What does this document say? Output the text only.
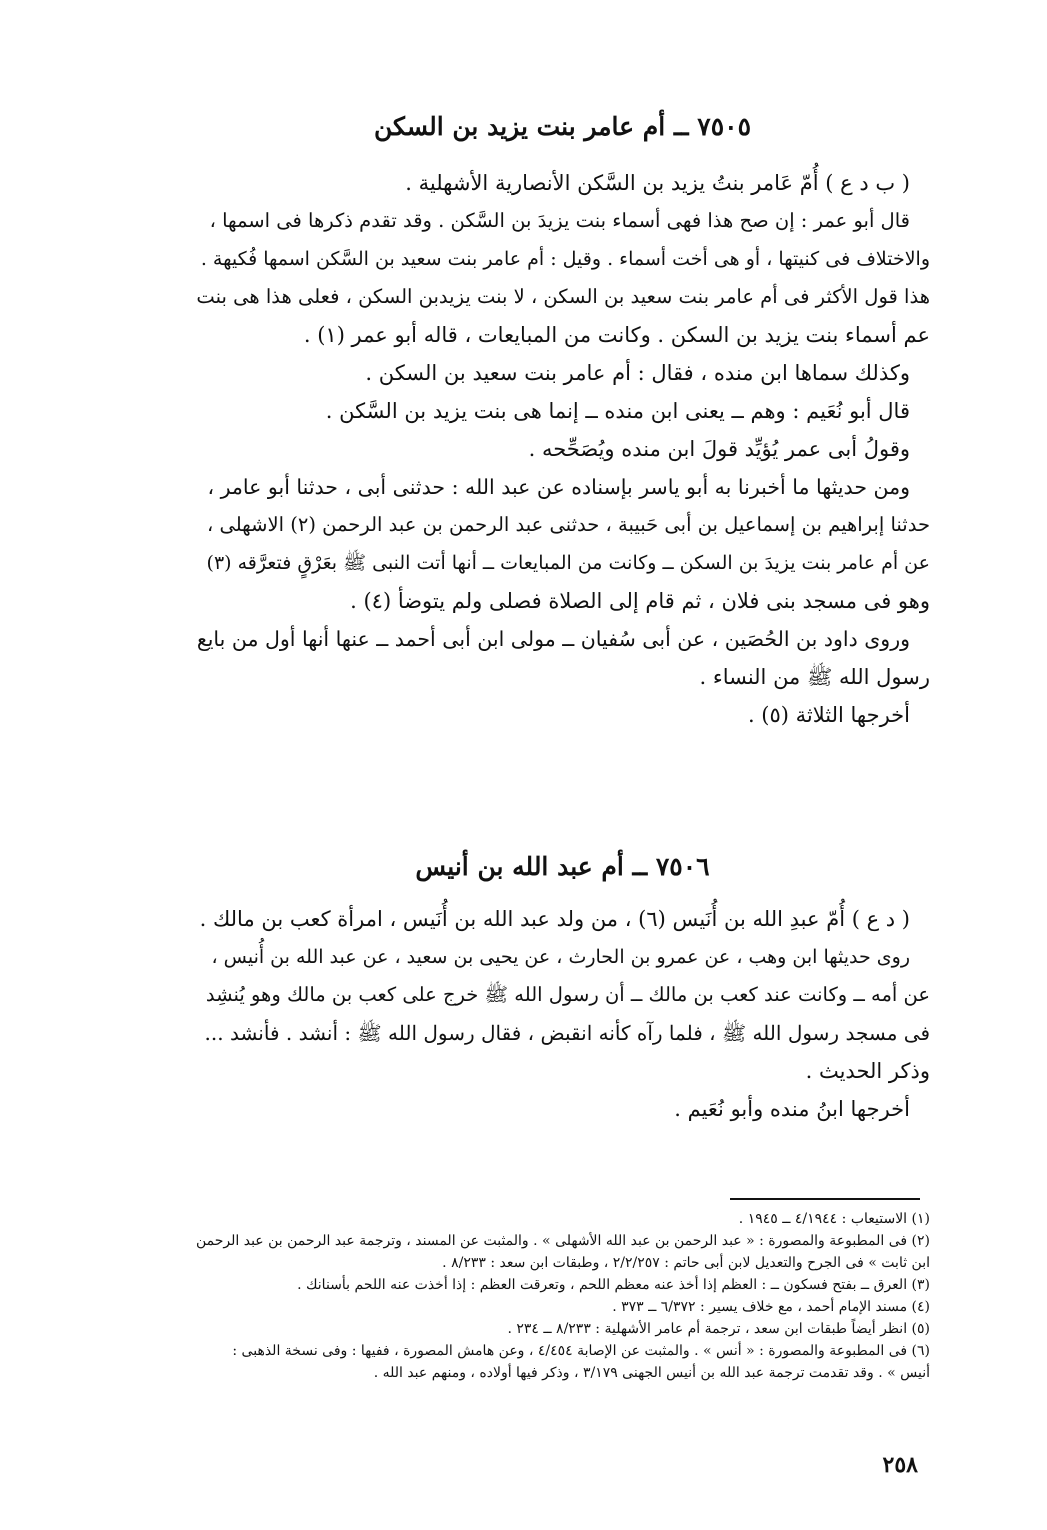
٧٥٠٥ ــ أم عامر بنت يزيد بن السكن
( ب د ع ) أُمّ عَامر بنتُ يزيد بن السَّكن الأنصارية الأشهلية .
قال أبو عمر : إن صح هذا فهى أسماء بنت يزيدَ بن السَّكن . وقد تقدم ذكرها فى اسمها ،
والاختلاف فى كنيتها ، أو هى أخت أسماء . وقيل : أم عامر بنت سعيد بن السَّكن اسمها فُكيهة .
هذا قول الأكثر فى أم عامر بنت سعيد بن السكن ، لا بنت يزيدبن السكن ، فعلى هذا هى بنت
عم أسماء بنت يزيد بن السكن . وكانت من المبايعات ، قاله أبو عمر (١) .
وكذلك سماها ابن منده ، فقال : أم عامر بنت سعيد بن السكن .
قال أبو نُعَيم : وهم ــ يعنى ابن منده ــ إنما هى بنت يزيد بن السَّكن .
وقولُ أبى عمر يُؤيِّد قولَ ابن منده ويُصَحِّحه .
ومن حديثها ما أخبرنا به أبو ياسر بإسناده عن عبد الله : حدثنى أبى ، حدثنا أبو عامر ،
حدثنا إبراهيم بن إسماعيل بن أبى حَبيبة ، حدثنى عبد الرحمن بن عبد الرحمن (٢) الاشهلى ،
عن أم عامر بنت يزيدَ بن السكن ــ وكانت من المبايعات ــ أنها أتت النبى ﷺ بعَرْقٍ فتعرَّقه (٣)
وهو فى مسجد بنى فلان ، ثم قام إلى الصلاة فصلى ولم يتوضأ (٤) .
وروى داود بن الحُصَين ، عن أبى سُفيان ــ مولى ابن أبى أحمد ــ عنها أنها أول من بايع
رسول الله ﷺ من النساء .
أخرجها الثلاثة (٥) .
٧٥٠٦ ــ أم عبد الله بن أنيس
( د ع ) أُمّ عبدِ الله بن أُنَيس (٦) ، من ولد عبد الله بن أُنَيس ، امرأة كعب بن مالك .
روى حديثها ابن وهب ، عن عمرو بن الحارث ، عن يحيى بن سعيد ، عن عبد الله بن أُنيس ،
عن أمه ــ وكانت عند كعب بن مالك ــ أن رسول الله ﷺ خرج على كعب بن مالك وهو يُنشِد
فى مسجد رسول الله ﷺ ، فلما رآه كأنه انقبض ، فقال رسول الله ﷺ : أنشد . فأنشد ...
وذكر الحديث .
أخرجها ابنُ منده وأبو نُعَيم .
(١) الاستيعاب : ٤/١٩٤٤ ــ ١٩٤٥ .
(٢) فى المطبوعة والمصورة : « عبد الرحمن بن عبد الله الأشهلى » . والمثبت عن المسند ، وترجمة عبد الرحمن بن عبد الرحمن
ابن ثابت » فى الجرح والتعديل لابن أبى حاتم : ٢/٢/٢٥٧ ، وطبقات ابن سعد : ٨/٢٣٣ .
(٣) العرق ــ بفتح فسكون ــ : العظم إذا أخذ عنه معظم اللحم ، وتعرقت العظم : إذا أخذت عنه اللحم بأسنانك .
(٤) مسند الإمام أحمد ، مع خلاف يسير : ٦/٣٧٢ ــ ٣٧٣ .
(٥) انظر أيضاً طبقات ابن سعد ، ترجمة أم عامر الأشهلية : ٨/٢٣٣ ــ ٢٣٤ .
(٦) فى المطبوعة والمصورة : « أنس » . والمثبت عن الإصابة ٤/٤٥٤ ، وعن هامش المصورة ، ففيها : وفى نسخة الذهبى :
أنيس » . وقد تقدمت ترجمة عبد الله بن أنيس الجهنى ٣/١٧٩ ، وذكر فيها أولاده ، ومنهم عبد الله .
٢٥٨
